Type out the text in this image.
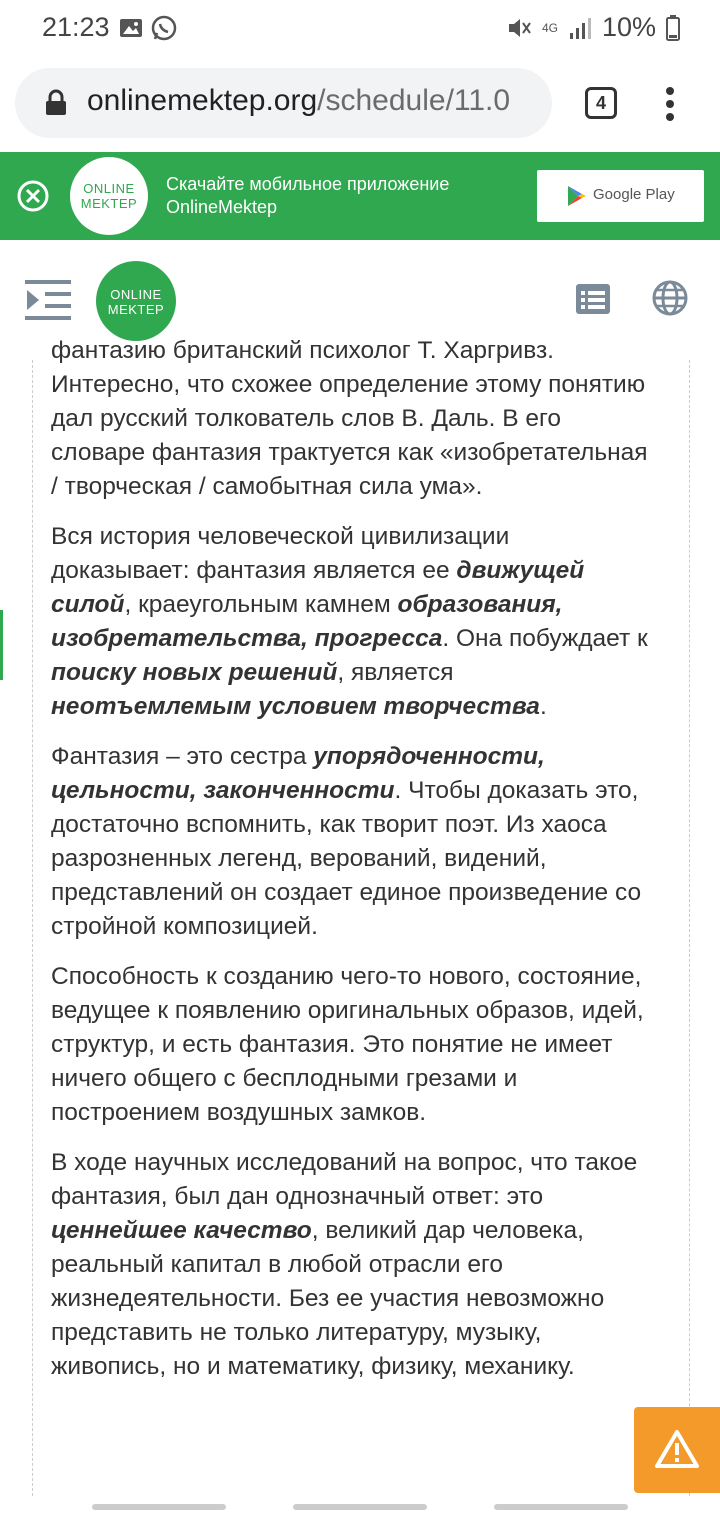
21:23	4G 10%
onlinemektep.org/schedule/11.0	4
ONLINE
MEKTEP
Скачайте мобильное приложение
OnlineMektep
Google Play
ONLINE
MEKTEP

фантазию британский психолог Т. Харгривз. Интересно, что схожее определение этому понятию дал русский толкователь слов В. Даль. В его словаре фантазия трактуется как «изобретательная / творческая / самобытная сила ума».

Вся история человеческой цивилизации доказывает: фантазия является ее движущей силой, краеугольным камнем образования, изобретательства, прогресса. Она побуждает к поиску новых решений, является неотъемлемым условием творчества.

Фантазия – это сестра упорядоченности, цельности, законченности. Чтобы доказать это, достаточно вспомнить, как творит поэт. Из хаоса разрозненных легенд, верований, видений, представлений он создает единое произведение со стройной композицией.

Способность к созданию чего-то нового, состояние, ведущее к появлению оригинальных образов, идей, структур, и есть фантазия. Это понятие не имеет ничего общего с бесплодными грезами и построением воздушных замков.

В ходе научных исследований на вопрос, что такое фантазия, был дан однозначный ответ: это ценнейшее качество, великий дар человека, реальный капитал в любой отрасли его жизнедеятельности. Без ее участия невозможно представить не только литературу, музыку, живопись, но и математику, физику, механику.
